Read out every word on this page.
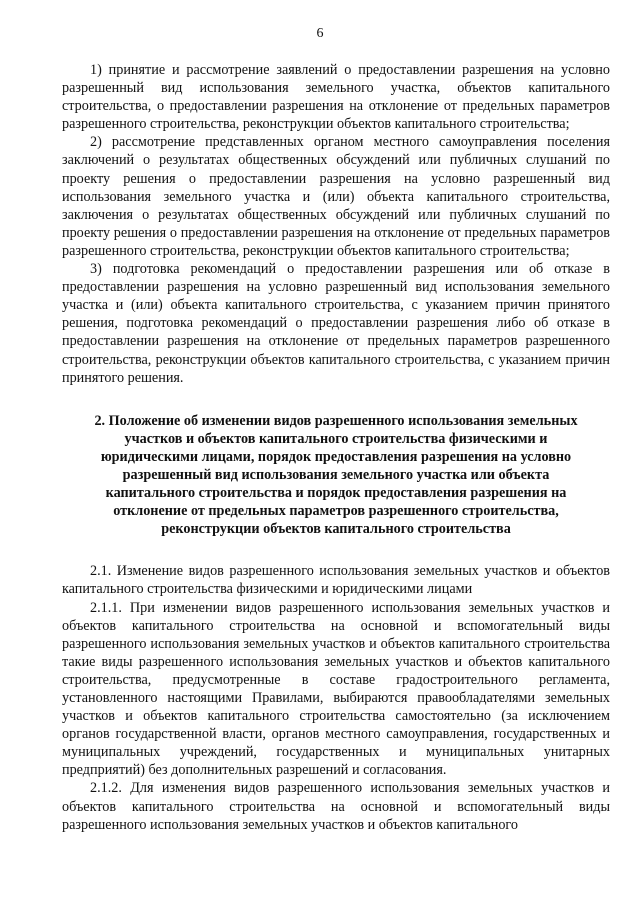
6

1) принятие и рассмотрение заявлений о предоставлении разрешения на условно разрешенный вид использования земельного участка, объектов капитального строительства, о предоставлении разрешения на отклонение от предельных параметров разрешенного строительства, реконструкции объектов капитального строительства;

2) рассмотрение представленных органом местного самоуправления поселения заключений о результатах общественных обсуждений или публичных слушаний по проекту решения о предоставлении разрешения на условно разрешенный вид использования земельного участка и (или) объекта капитального строительства, заключения о результатах общественных обсуждений или публичных слушаний по проекту решения о предоставлении разрешения на отклонение от предельных параметров разрешенного строительства, реконструкции объектов капитального строительства;

3) подготовка рекомендаций о предоставлении разрешения или об отказе в предоставлении разрешения на условно разрешенный вид использования земельного участка и (или) объекта капитального строительства, с указанием причин принятого решения, подготовка рекомендаций о предоставлении разрешения либо об отказе в предоставлении разрешения на отклонение от предельных параметров разрешенного строительства, реконструкции объектов капитального строительства, с указанием причин принятого решения.

2. Положение об изменении видов разрешенного использования земельных участков и объектов капитального строительства физическими и юридическими лицами, порядок предоставления разрешения на условно разрешенный вид использования земельного участка или объекта капитального строительства и порядок предоставления разрешения на отклонение от предельных параметров разрешенного строительства, реконструкции объектов капитального строительства

2.1. Изменение видов разрешенного использования земельных участков и объектов капитального строительства физическими и юридическими лицами

2.1.1. При изменении видов разрешенного использования земельных участков и объектов капитального строительства на основной и вспомогательный виды разрешенного использования земельных участков и объектов капитального строительства такие виды разрешенного использования земельных участков и объектов капитального строительства, предусмотренные в составе градостроительного регламента, установленного настоящими Правилами, выбираются правообладателями земельных участков и объектов капитального строительства самостоятельно (за исключением органов государственной власти, органов местного самоуправления, государственных и муниципальных учреждений, государственных и муниципальных унитарных предприятий) без дополнительных разрешений и согласования.

2.1.2. Для изменения видов разрешенного использования земельных участков и объектов капитального строительства на основной и вспомогательный виды разрешенного использования земельных участков и объектов капитального
